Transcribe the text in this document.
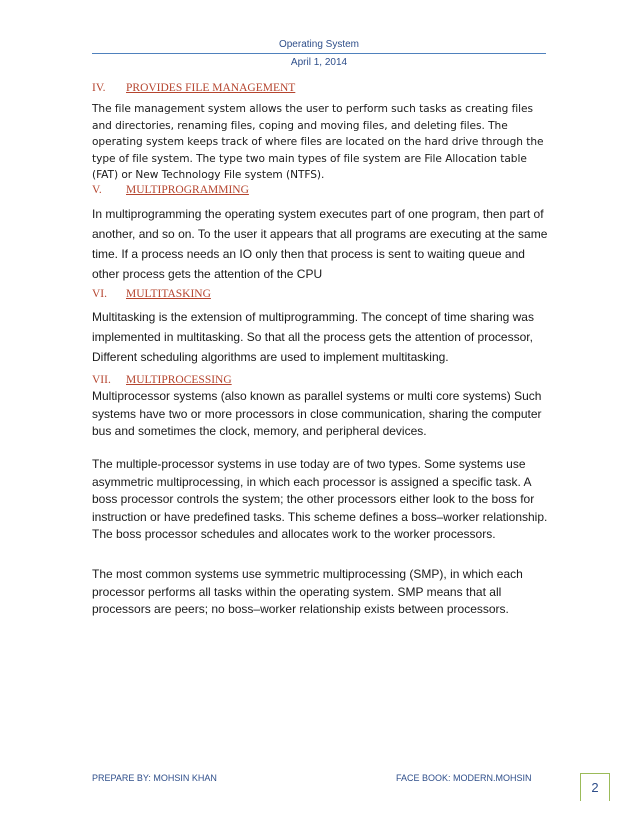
Operating System
April 1, 2014
IV. PROVIDES FILE MANAGEMENT

The file management system allows the user to perform such tasks as creating files and directories, renaming files, coping and moving files, and deleting files. The operating system keeps track of where files are located on the hard drive through the type of file system. The type two main types of file system are File Allocation table (FAT) or New Technology File system (NTFS).

V. MULTIPROGRAMMING

In multiprogramming the operating system executes part of one program, then part of another, and so on. To the user it appears that all programs are executing at the same time. If a process needs an IO only then that process is sent to waiting queue and other process gets the attention of the CPU

VI. MULTITASKING

Multitasking is the extension of multiprogramming. The concept of time sharing was implemented in multitasking. So that all the process gets the attention of processor, Different scheduling algorithms are used to implement multitasking.

VII. MULTIPROCESSING

Multiprocessor systems (also known as parallel systems or multi core systems) Such systems have two or more processors in close communication, sharing the computer bus and sometimes the clock, memory, and peripheral devices.

The multiple-processor systems in use today are of two types. Some systems use asymmetric multiprocessing, in which each processor is assigned a specific task. A boss processor controls the system; the other processors either look to the boss for instruction or have predefined tasks. This scheme defines a boss–worker relationship. The boss processor schedules and allocates work to the worker processors.

The most common systems use symmetric multiprocessing (SMP), in which each processor performs all tasks within the operating system. SMP means that all processors are peers; no boss–worker relationship exists between processors.

PREPARE BY: MOHSIN KHAN	FACE BOOK: MODERN.MOHSIN
2
